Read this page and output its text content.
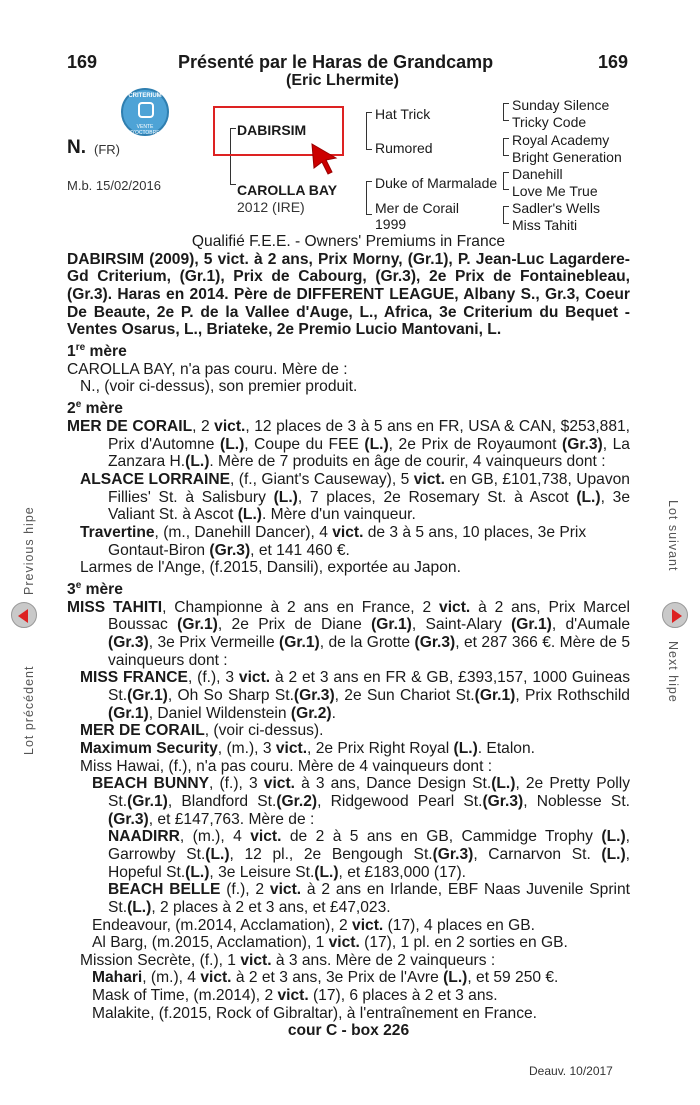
169	Présenté par le Haras de Grandcamp	169
(Eric Lhermite)
CRITERIUM
VENTE D'OCTOBRE
N. (FR)
M.b. 15/02/2016
DABIRSIM
CAROLLA BAY
2012 (IRE)
Hat Trick
Rumored
Duke of Marmalade
Mer de Corail
1999
Sunday Silence
Tricky Code
Royal Academy
Bright Generation
Danehill
Love Me True
Sadler's Wells
Miss Tahiti

Qualifié F.E.E. - Owners' Premiums in France

DABIRSIM (2009), 5 vict. à 2 ans, Prix Morny, (Gr.1), P. Jean-Luc Lagardere-Gd Criterium, (Gr.1), Prix de Cabourg, (Gr.3), 2e Prix de Fontainebleau, (Gr.3). Haras en 2014. Père de DIFFERENT LEAGUE, Albany S., Gr.3, Coeur De Beaute, 2e P. de la Vallee d'Auge, L., Africa, 3e Criterium du Bequet - Ventes Osarus, L., Briateke, 2e Premio Lucio Mantovani, L.

1re mère

CAROLLA BAY, n'a pas couru. Mère de :

N., (voir ci-dessus), son premier produit.

2e mère

MER DE CORAIL, 2 vict., 12 places de 3 à 5 ans en FR, USA & CAN, $253,881, Prix d'Automne (L.), Coupe du FEE (L.), 2e Prix de Royaumont (Gr.3), La Zanzara H.(L.). Mère de 7 produits en âge de courir, 4 vainqueurs dont :

ALSACE LORRAINE, (f., Giant's Causeway), 5 vict. en GB, £101,738, Upavon Fillies' St. à Salisbury (L.), 7 places, 2e Rosemary St. à Ascot (L.), 3e Valiant St. à Ascot (L.). Mère d'un vainqueur.

Travertine, (m., Danehill Dancer), 4 vict. de 3 à 5 ans, 10 places, 3e Prix Gontaut-Biron (Gr.3), et 141 460 €.

Larmes de l'Ange, (f.2015, Dansili), exportée au Japon.

3e mère

MISS TAHITI, Championne à 2 ans en France, 2 vict. à 2 ans, Prix Marcel Boussac (Gr.1), 2e Prix de Diane (Gr.1), Saint-Alary (Gr.1), d'Aumale (Gr.3), 3e Prix Vermeille (Gr.1), de la Grotte (Gr.3), et 287 366 €. Mère de 5 vainqueurs dont :

MISS FRANCE, (f.), 3 vict. à 2 et 3 ans en FR & GB, £393,157, 1000 Guineas St.(Gr.1), Oh So Sharp St.(Gr.3), 2e Sun Chariot St.(Gr.1), Prix Rothschild (Gr.1), Daniel Wildenstein (Gr.2).

MER DE CORAIL, (voir ci-dessus).

Maximum Security, (m.), 3 vict., 2e Prix Right Royal (L.). Etalon.

Miss Hawai, (f.), n'a pas couru. Mère de 4 vainqueurs dont :

BEACH BUNNY, (f.), 3 vict. à 3 ans, Dance Design St.(L.), 2e Pretty Polly St.(Gr.1), Blandford St.(Gr.2), Ridgewood Pearl St.(Gr.3), Noblesse St.(Gr.3), et £147,763. Mère de :

NAADIRR, (m.), 4 vict. de 2 à 5 ans en GB, Cammidge Trophy (L.), Garrowby St.(L.), 12 pl., 2e Bengough St.(Gr.3), Carnarvon St. (L.), Hopeful St.(L.), 3e Leisure St.(L.), et £183,000 (17).

BEACH BELLE (f.), 2 vict. à 2 ans en Irlande, EBF Naas Juvenile Sprint St.(L.), 2 places à 2 et 3 ans, et £47,023.

Endeavour, (m.2014, Acclamation), 2 vict. (17), 4 places en GB.

Al Barg, (m.2015, Acclamation), 1 vict. (17), 1 pl. en 2 sorties en GB.

Mission Secrète, (f.), 1 vict. à 3 ans. Mère de 2 vainqueurs :

Mahari, (m.), 4 vict. à 2 et 3 ans, 3e Prix de l'Avre (L.), et 59 250 €.

Mask of Time, (m.2014), 2 vict. (17), 6 places à 2 et 3 ans.

Malakite, (f.2015, Rock of Gibraltar), à l'entraînement en France.

cour C - box 226

Deauv. 10/2017
Previous hipe
Lot précédent
Lot suivant
Next hipe
